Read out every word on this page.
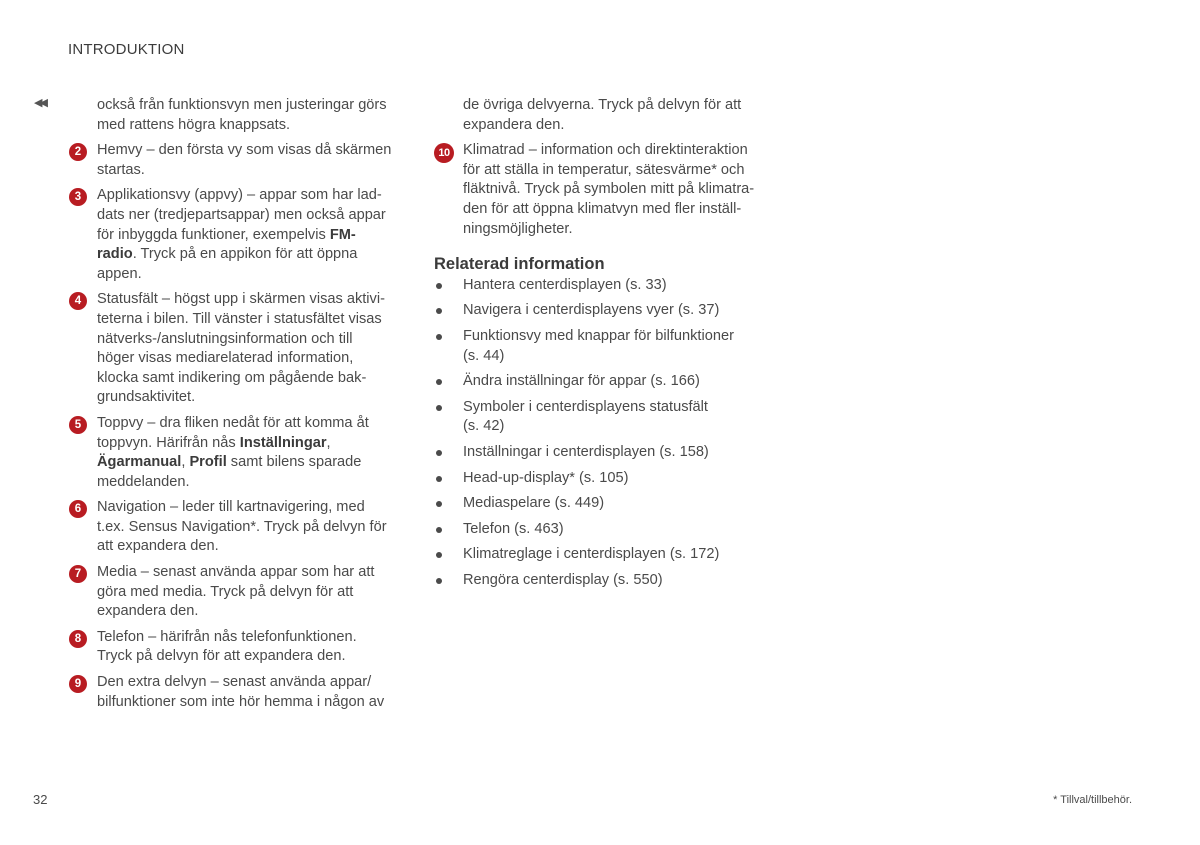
INTRODUKTION
◀◀	också från funktionsvyn men justeringar görs

med rattens högra knappsats.

2	Hemvy – den första vy som visas då skärmen

startas.

3	Applikationsvy (appvy) – appar som har lad-

dats ner (tredjepartsappar) men också appar

för inbyggda funktioner, exempelvis FM-

radio. Tryck på en appikon för att öppna

appen.

4	Statusfält – högst upp i skärmen visas aktivi-

teterna i bilen. Till vänster i statusfältet visas

nätverks-/anslutningsinformation och till

höger visas mediarelaterad information,

klocka samt indikering om pågående bak-

grundsaktivitet.

5	Toppvy – dra fliken nedåt för att komma åt

toppvyn. Härifrån nås Inställningar,

Ägarmanual, Profil samt bilens sparade

meddelanden.

6	Navigation – leder till kartnavigering, med

t.ex. Sensus Navigation*. Tryck på delvyn för

att expandera den.

7	Media – senast använda appar som har att

göra med media. Tryck på delvyn för att

expandera den.

8	Telefon – härifrån nås telefonfunktionen.

Tryck på delvyn för att expandera den.

9	Den extra delvyn – senast använda appar/

bilfunktioner som inte hör hemma i någon av

de övriga delvyerna. Tryck på delvyn för att

expandera den.

10 Klimatrad – information och direktinteraktion

för att ställa in temperatur, sätesvärme* och

fläktnivå. Tryck på symbolen mitt på klimatra-

den för att öppna klimatvyn med fler inställ-

ningsmöjligheter.

Relaterad information

Hantera centerdisplayen (s. 33)

Navigera i centerdisplayens vyer (s. 37)

Funktionsvy med knappar för bilfunktioner

(s. 44)

Ändra inställningar för appar (s. 166)

Symboler i centerdisplayens statusfält

(s. 42)

Inställningar i centerdisplayen (s. 158)

Head-up-display* (s. 105)

Mediaspelare (s. 449)

Telefon (s. 463)

Klimatreglage i centerdisplayen (s. 172)

Rengöra centerdisplay (s. 550)

32	* Tillval/tillbehör.
